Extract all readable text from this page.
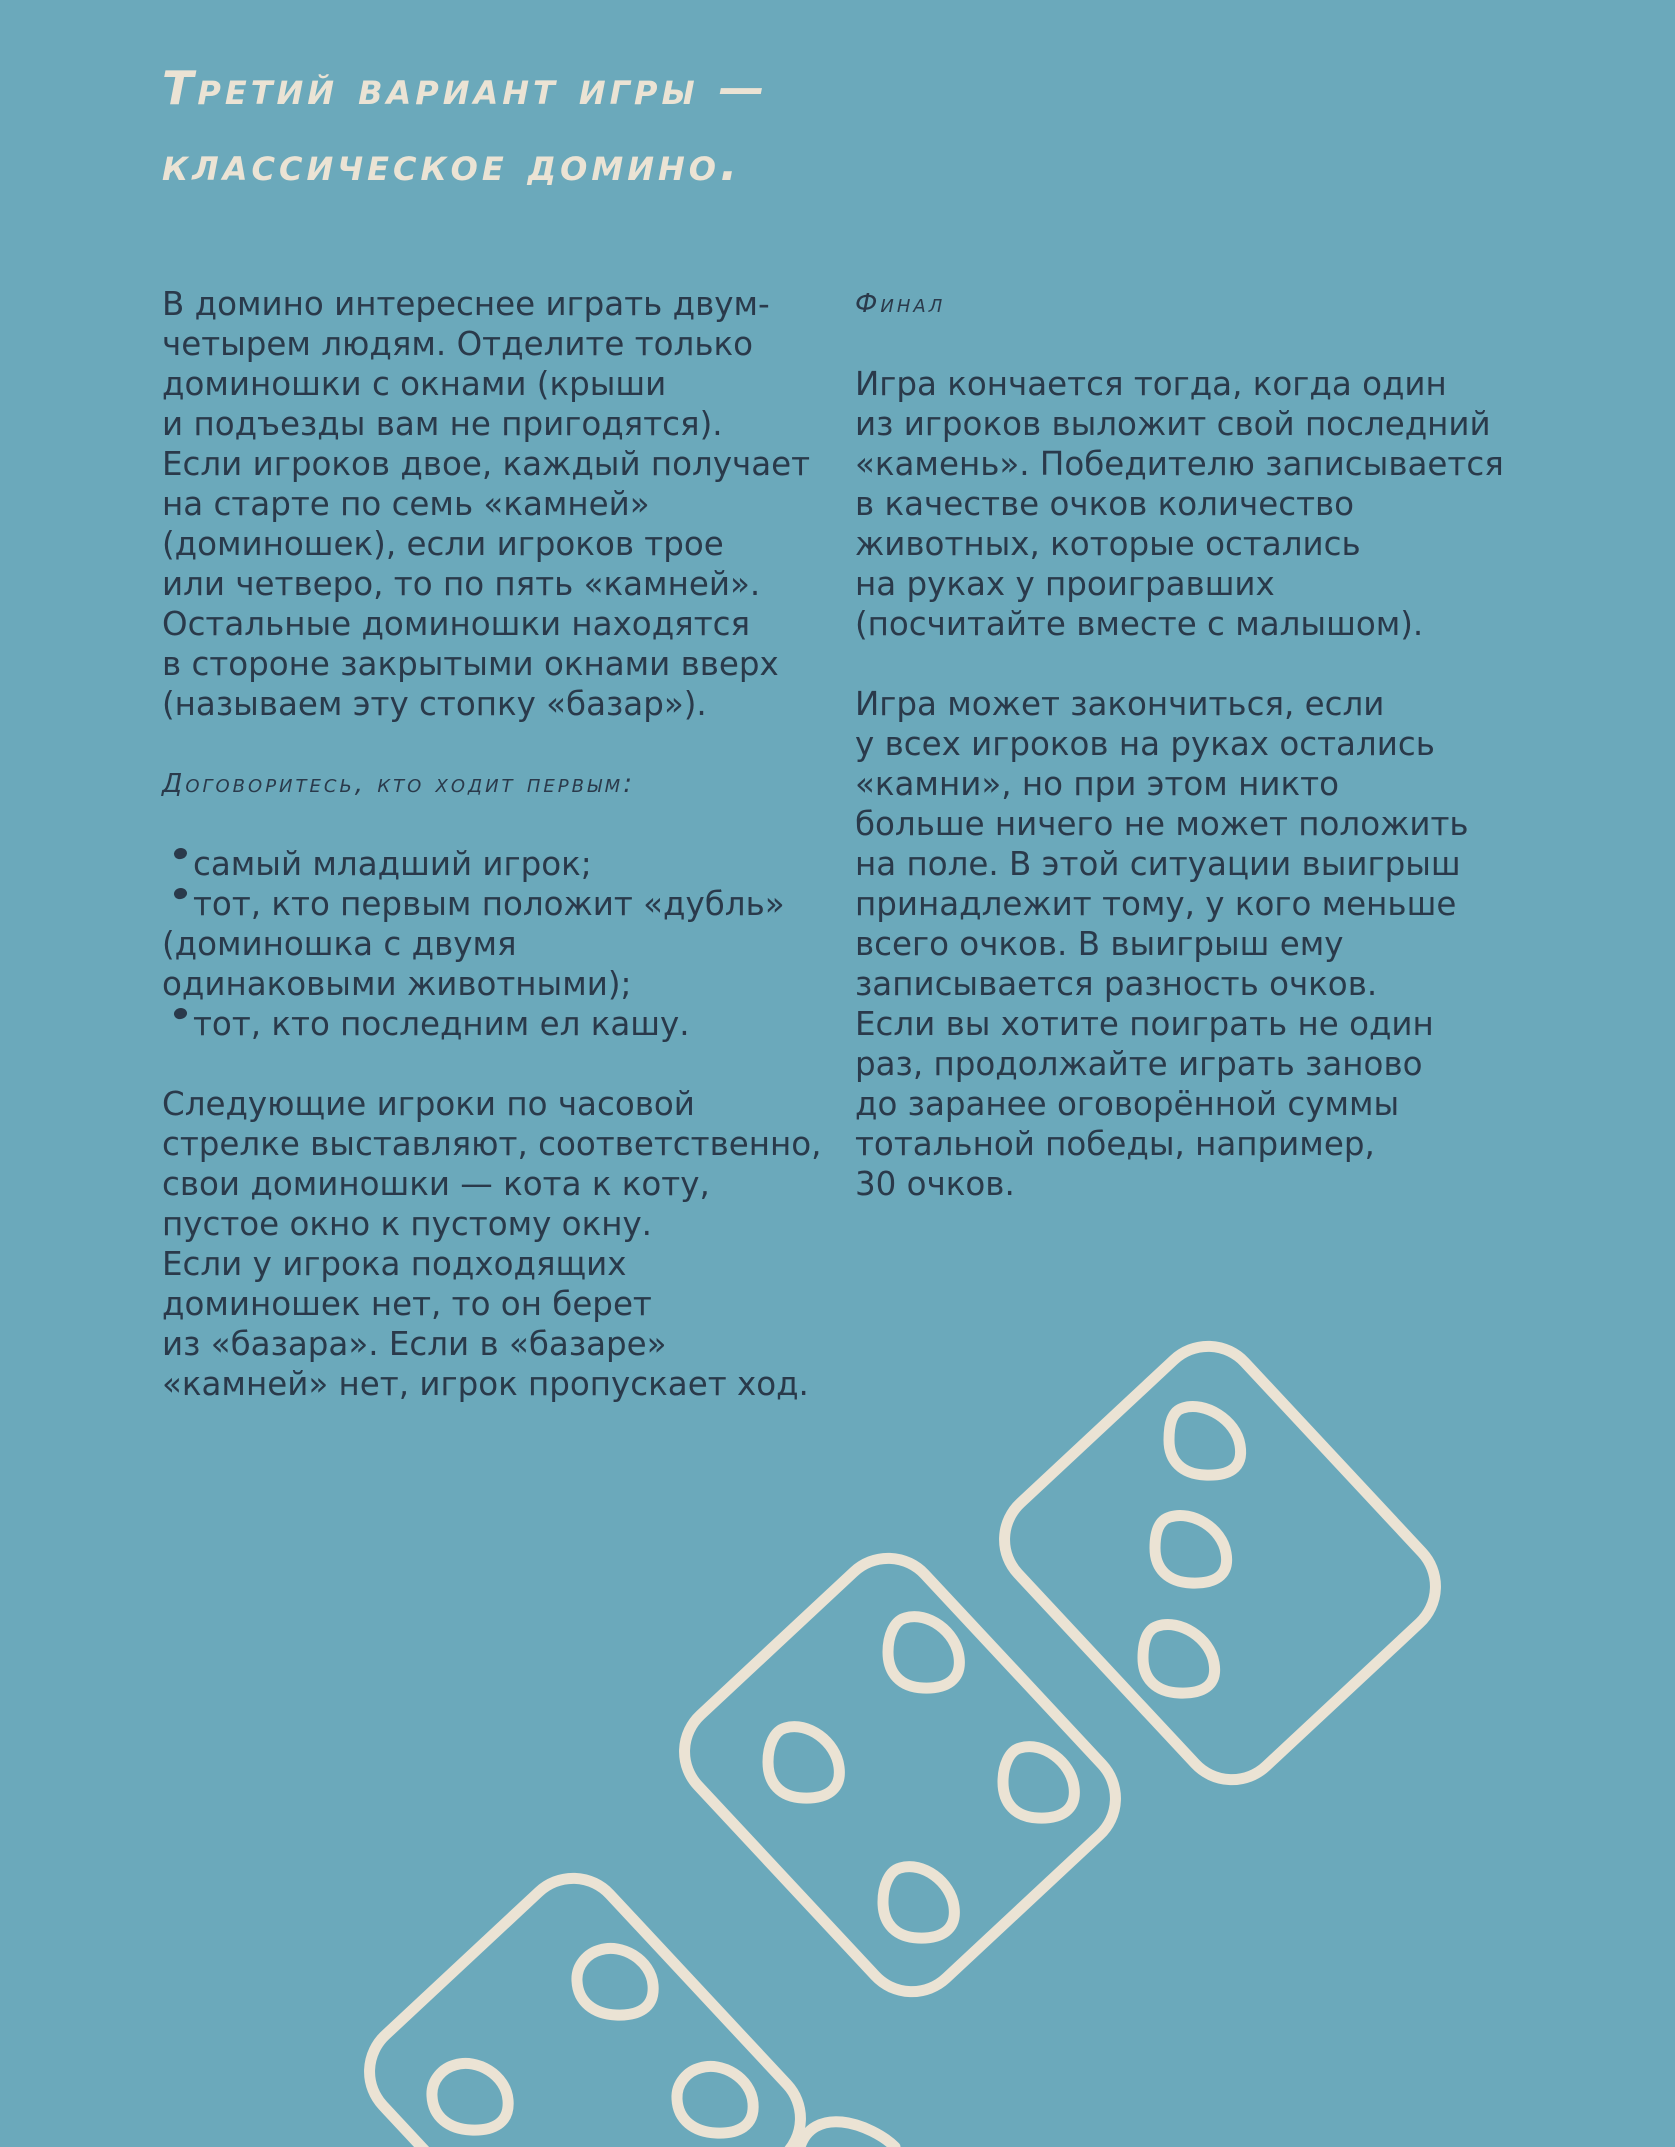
Третий вариант игры —
классическое домино.
В домино интереснее играть двум-
четырем людям. Отделите только
доминошки с окнами (крыши
и подъезды вам не пригодятся).
Если игроков двое, каждый получает
на старте по семь «камней»
(доминошек), если игроков трое
или четверо, то по пять «камней».
Остальные доминошки находятся
в стороне закрытыми окнами вверх
(называем эту стопку «базар»).
Договоритесь, кто ходит первым:
самый младший игрок;
тот, кто первым положит «дубль»
(доминошка с двумя
одинаковыми животными);
тот, кто последним ел кашу.
Следующие игроки по часовой
стрелке выставляют, соответственно,
свои доминошки — кота к коту,
пустое окно к пустому окну.
Если у игрока подходящих
доминошек нет, то он берет
из «базара». Если в «базаре»
«камней» нет, игрок пропускает ход.
Финал
Игра кончается тогда, когда один
из игроков выложит свой последний
«камень». Победителю записывается
в качестве очков количество
животных, которые остались
на руках у проигравших
(посчитайте вместе с малышом).
Игра может закончиться, если
у всех игроков на руках остались
«камни», но при этом никто
больше ничего не может положить
на поле. В этой ситуации выигрыш
принадлежит тому, у кого меньше
всего очков. В выигрыш ему
записывается разность очков.
Если вы хотите поиграть не один
раз, продолжайте играть заново
до заранее оговорённой суммы
тотальной победы, например,
30 очков.
